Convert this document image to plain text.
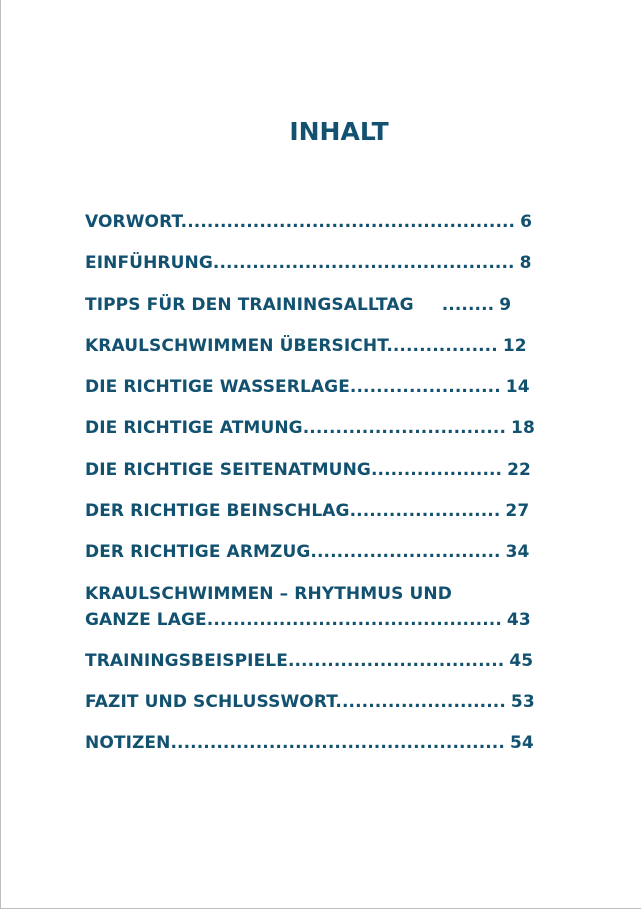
INHALT
VORWORT................................................... 6
EINFÜHRUNG.............................................. 8
TIPPS FÜR DEN TRAININGSALLTAG ........ 9
KRAULSCHWIMMEN ÜBERSICHT................. 12
DIE RICHTIGE WASSERLAGE....................... 14
DIE RICHTIGE ATMUNG............................... 18
DIE RICHTIGE SEITENATMUNG.................... 22
DER RICHTIGE BEINSCHLAG....................... 27
DER RICHTIGE ARMZUG............................. 34
KRAULSCHWIMMEN – RHYTHMUS UND
GANZE LAGE............................................. 43
TRAININGSBEISPIELE................................. 45
FAZIT UND SCHLUSSWORT.......................... 53
NOTIZEN................................................... 54
